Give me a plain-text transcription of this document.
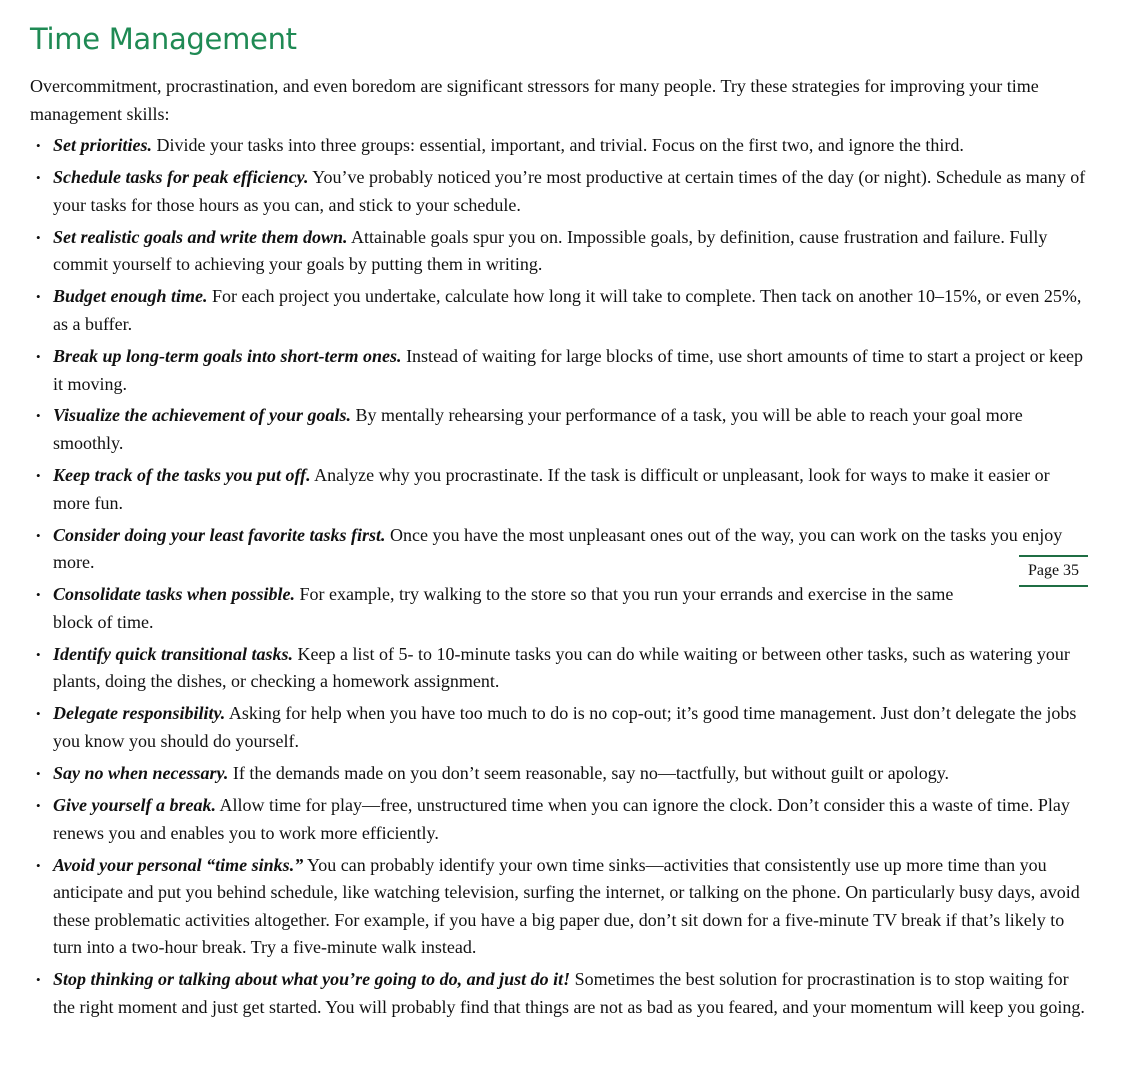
Time Management

Overcommitment, procrastination, and even boredom are significant stressors for many people. Try these strategies for improving your time management skills:

• Set priorities. Divide your tasks into three groups: essential, important, and trivial. Focus on the first two, and ignore the third.
• Schedule tasks for peak efficiency. You’ve probably noticed you’re most productive at certain times of the day (or night). Schedule as many of your tasks for those hours as you can, and stick to your schedule.
• Set realistic goals and write them down. Attainable goals spur you on. Impossible goals, by definition, cause frustration and failure. Fully commit yourself to achieving your goals by putting them in writing.
• Budget enough time. For each project you undertake, calculate how long it will take to complete. Then tack on another 10–15%, or even 25%, as a buffer.
• Break up long-term goals into short-term ones. Instead of waiting for large blocks of time, use short amounts of time to start a project or keep it moving.
• Visualize the achievement of your goals. By mentally rehearsing your performance of a task, you will be able to reach your goal more smoothly.
• Keep track of the tasks you put off. Analyze why you procrastinate. If the task is difficult or unpleasant, look for ways to make it easier or more fun.
• Consider doing your least favorite tasks first. Once you have the most unpleasant ones out of the way, you can work on the tasks you enjoy more.
• Consolidate tasks when possible. For example, try walking to the store so that you run your errands and exercise in the same block of time.
• Identify quick transitional tasks. Keep a list of 5- to 10-minute tasks you can do while waiting or between other tasks, such as watering your plants, doing the dishes, or checking a homework assignment.
• Delegate responsibility. Asking for help when you have too much to do is no cop-out; it’s good time management. Just don’t delegate the jobs you know you should do yourself.
• Say no when necessary. If the demands made on you don’t seem reasonable, say no—tactfully, but without guilt or apology.
• Give yourself a break. Allow time for play—free, unstructured time when you can ignore the clock. Don’t consider this a waste of time. Play renews you and enables you to work more efficiently.
• Avoid your personal “time sinks.” You can probably identify your own time sinks—activities that consistently use up more time than you anticipate and put you behind schedule, like watching television, surfing the internet, or talking on the phone. On particularly busy days, avoid these problematic activities altogether. For example, if you have a big paper due, don’t sit down for a five-minute TV break if that’s likely to turn into a two-hour break. Try a five-minute walk instead.
• Stop thinking or talking about what you’re going to do, and just do it! Sometimes the best solution for procrastination is to stop waiting for the right moment and just get started. You will probably find that things are not as bad as you feared, and your momentum will keep you going.
Page 35
